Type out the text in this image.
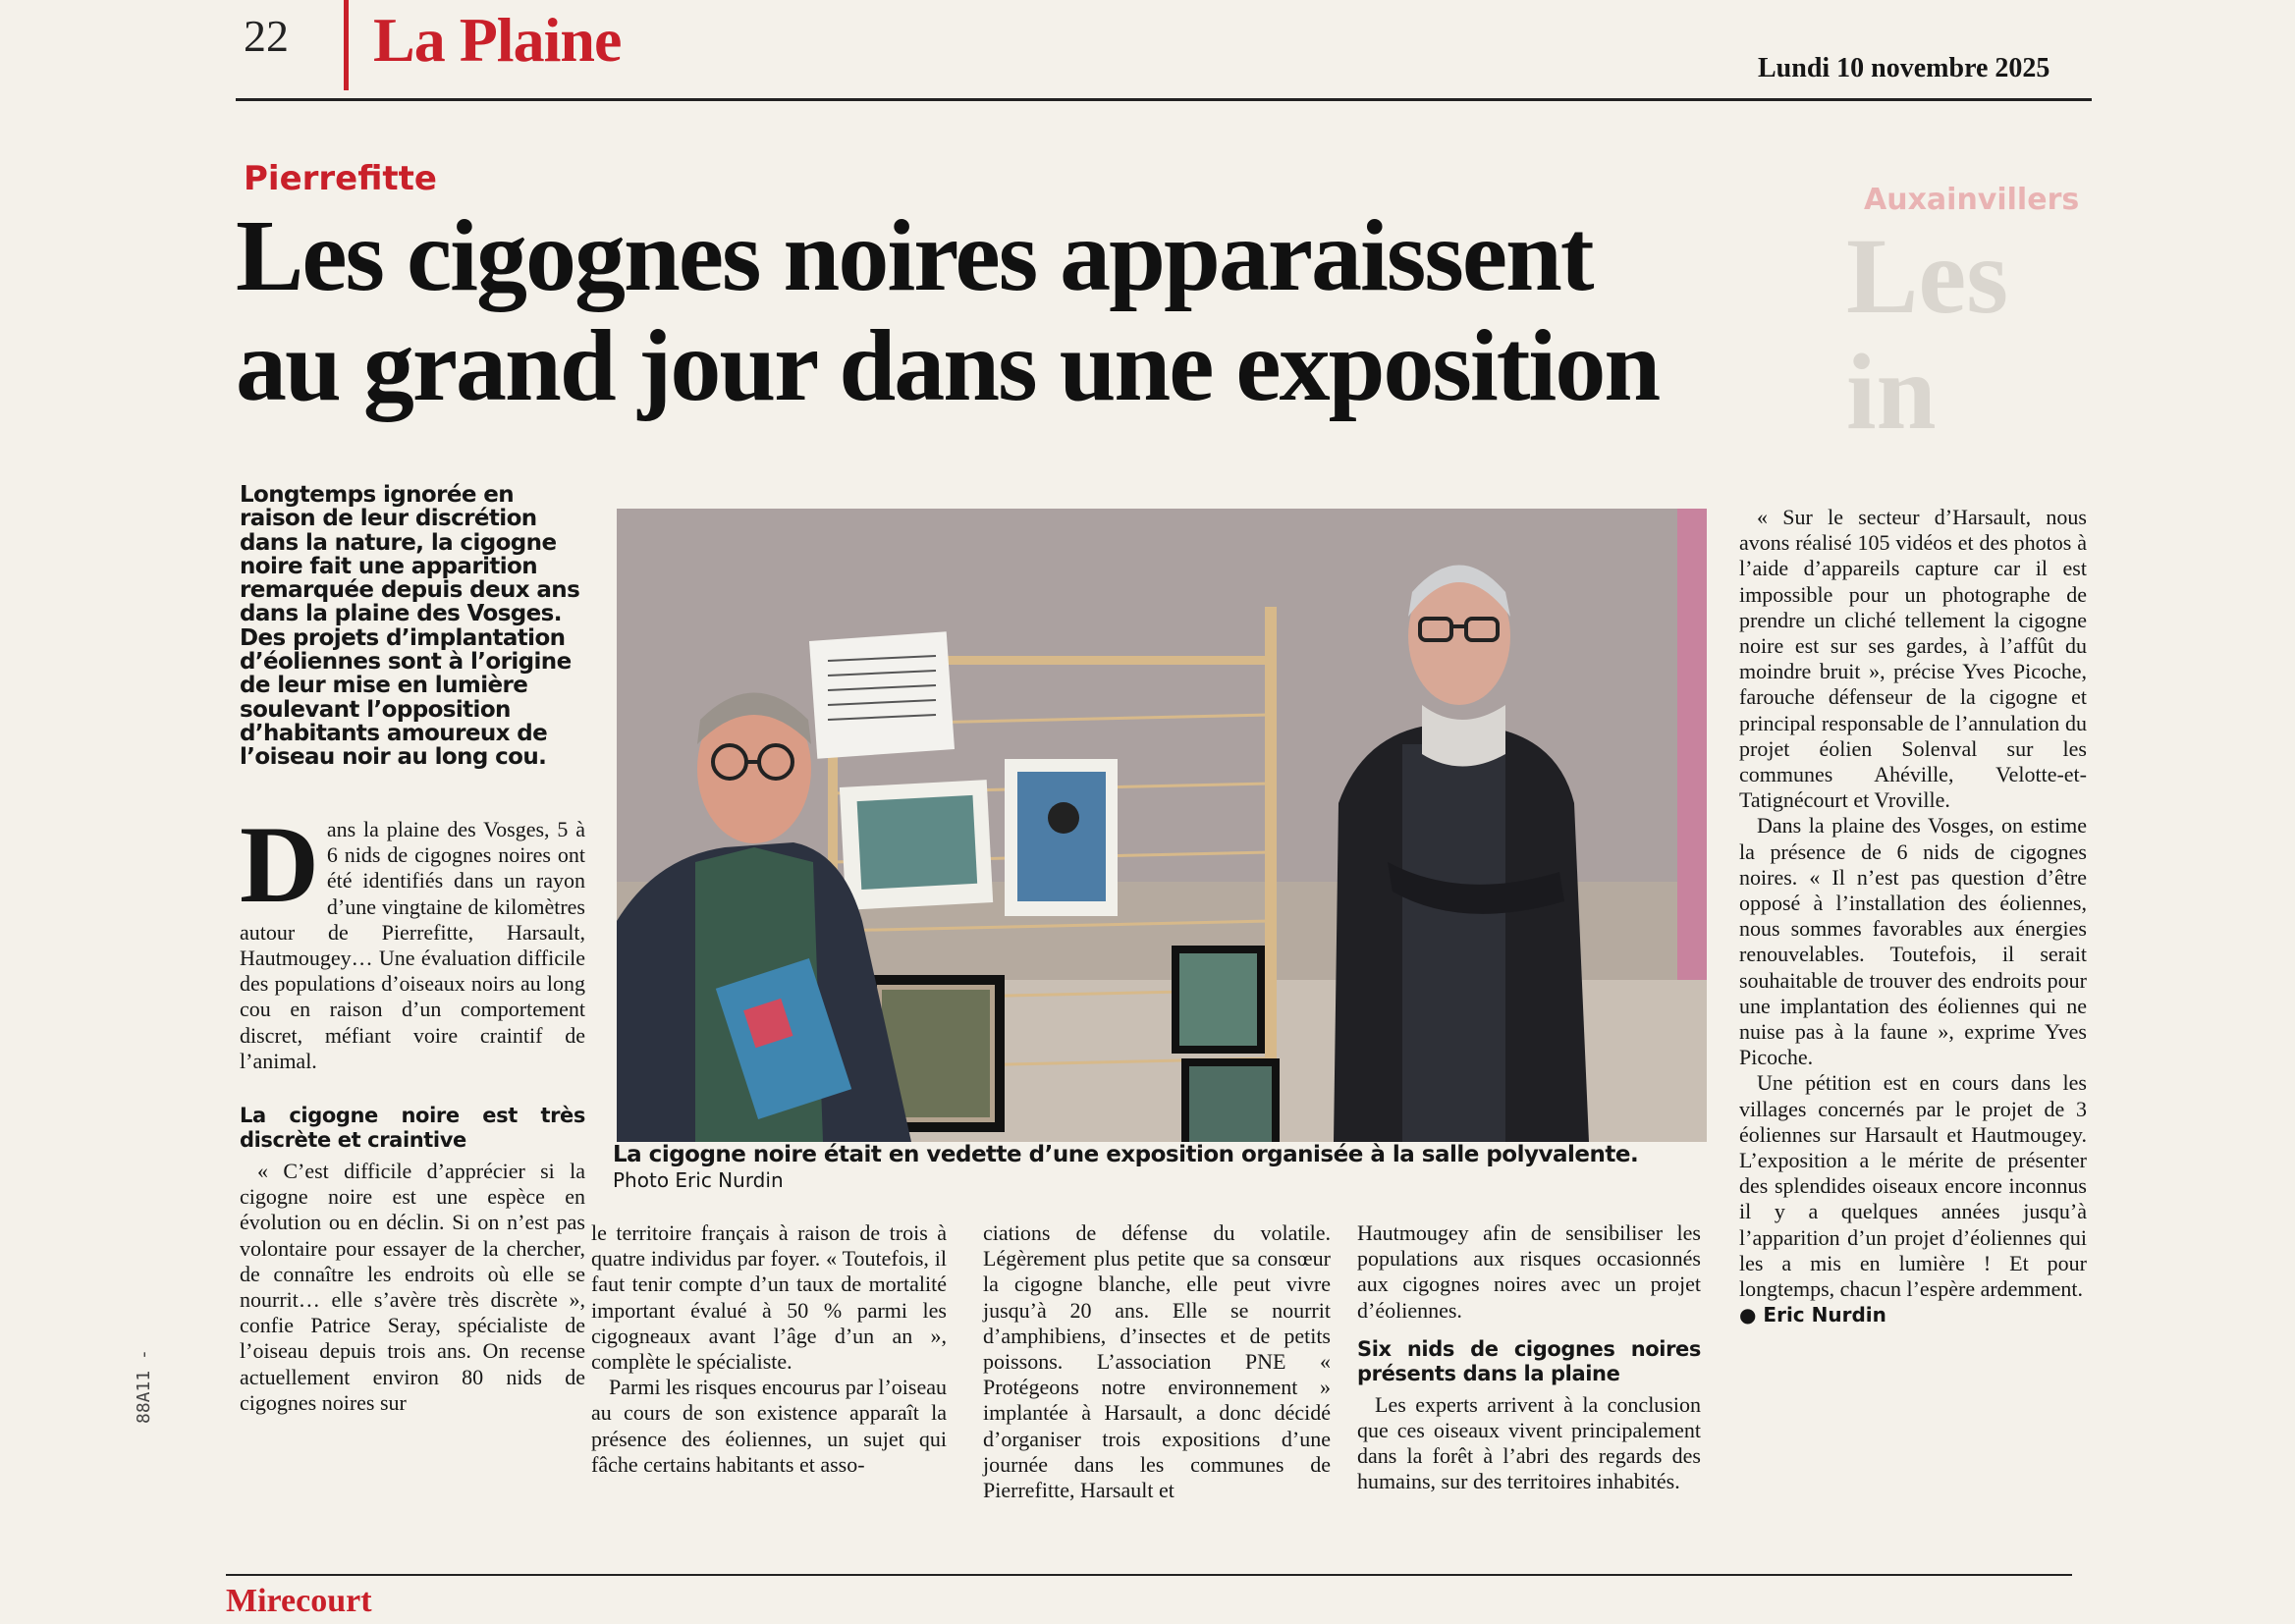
22 La Plaine	Lundi 10 novembre 2025
Auxainvillers
Les
in
Pierrefitte
Les cigognes noires apparaissent
au grand jour dans une exposition
Longtemps ignorée en raison de leur discrétion dans la nature, la cigogne noire fait une apparition remarquée depuis deux ans dans la plaine des Vosges. Des projets d’implantation d’éoliennes sont à l’origine de leur mise en lumière soulevant l’opposition d’habitants amoureux de l’oiseau noir au long cou.

Dans la plaine des Vosges, 5 à 6 nids de cigognes noires ont été identifiés dans un rayon d’une vingtaine de kilomètres autour de Pierrefitte, Harsault, Hautmougey… Une évaluation difficile des populations d’oiseaux noirs au long cou en raison d’un comportement discret, méfiant voire craintif de l’animal.

La cigogne noire est très discrète et craintive

« C’est difficile d’apprécier si la cigogne noire est une espèce en évolution ou en déclin. Si on n’est pas volontaire pour essayer de la chercher, de connaître les endroits où elle se nourrit… elle s’avère très discrète », confie Patrice Seray, spécialiste de l’oiseau depuis trois ans. On recense actuellement environ 80 nids de cigognes noires sur

La cigogne noire était en vedette d’une exposition organisée à la salle polyvalente.
Photo Eric Nurdin

le territoire français à raison de trois à quatre individus par foyer. « Toutefois, il faut tenir compte d’un taux de mortalité important évalué à 50 % parmi les cigogneaux avant l’âge d’un an », complète le spécialiste.

Parmi les risques encourus par l’oiseau au cours de son existence apparaît la présence des éoliennes, un sujet qui fâche certains habitants et asso-

ciations de défense du volatile. Légèrement plus petite que sa consœur la cigogne blanche, elle peut vivre jusqu’à 20 ans. Elle se nourrit d’amphibiens, d’insectes et de petits poissons. L’association PNE « Protégeons notre environnement » implantée à Harsault, a donc décidé d’organiser trois expositions d’une journée dans les communes de Pierrefitte, Harsault et

Hautmougey afin de sensibiliser les populations aux risques occasionnés aux cigognes noires avec un projet d’éoliennes.

Six nids de cigognes noires présents dans la plaine

Les experts arrivent à la conclusion que ces oiseaux vivent principalement dans la forêt à l’abri des regards des humains, sur des territoires inhabités.

« Sur le secteur d’Harsault, nous avons réalisé 105 vidéos et des photos à l’aide d’appareils capture car il est impossible pour un photographe de prendre un cliché tellement la cigogne noire est sur ses gardes, à l’affût du moindre bruit », précise Yves Picoche, farouche défenseur de la cigogne et principal responsable de l’annulation du projet éolien Solenval sur les communes Ahéville, Velotte-et-Tatignécourt et Vroville.

Dans la plaine des Vosges, on estime la présence de 6 nids de cigognes noires. « Il n’est pas question d’être opposé à l’installation des éoliennes, nous sommes favorables aux énergies renouvelables. Toutefois, il serait souhaitable de trouver des endroits pour une implantation des éoliennes qui ne nuise pas à la faune », exprime Yves Picoche.

Une pétition est en cours dans les villages concernés par le projet de 3 éoliennes sur Harsault et Hautmougey. L’exposition a le mérite de présenter des splendides oiseaux encore inconnus il y a quelques années jusqu’à l’apparition d’un projet d’éoliennes qui les a mis en lumière ! Et pour longtemps, chacun l’espère ardemment.

● Eric Nurdin
Mirecourt
88A11 -
